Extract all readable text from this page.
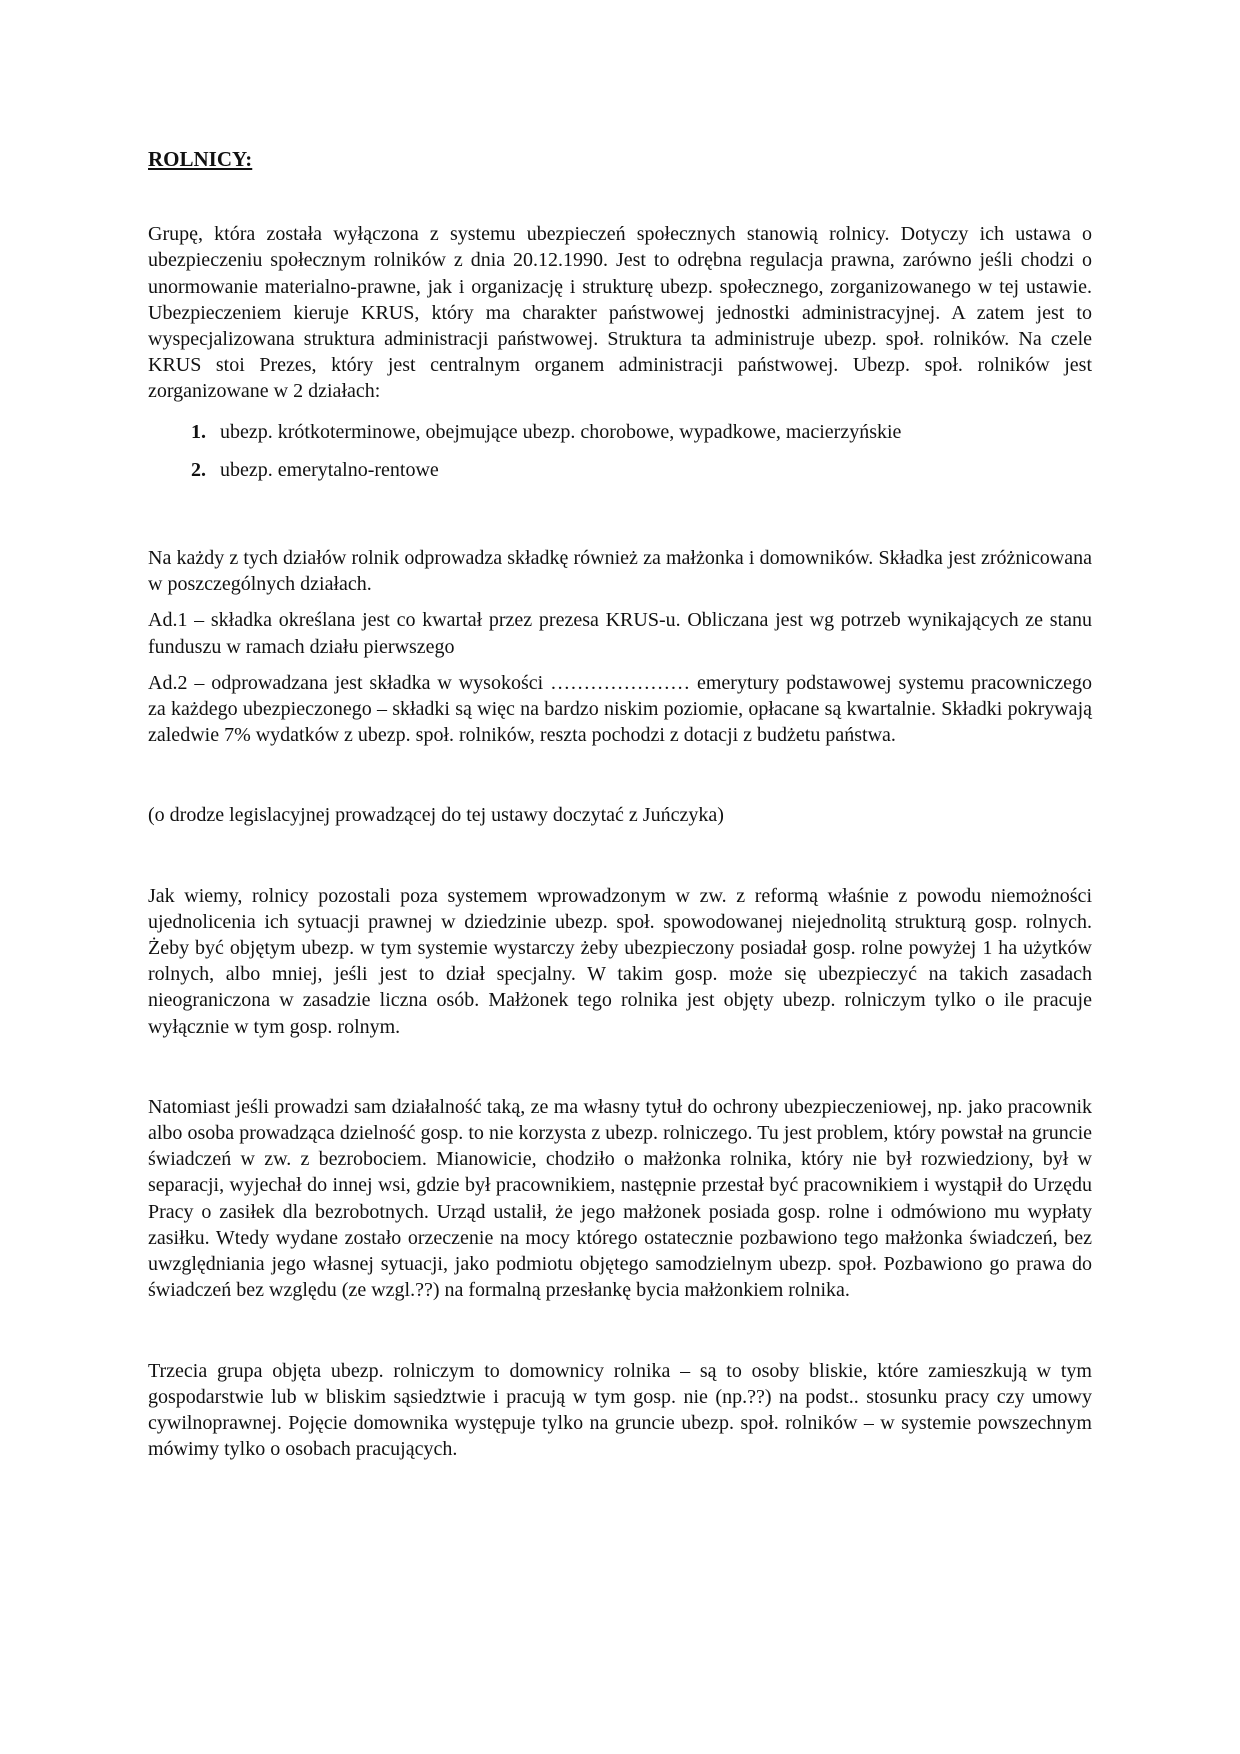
ROLNICY:

Grupę, która została wyłączona z systemu ubezpieczeń społecznych stanowią rolnicy. Dotyczy ich ustawa o ubezpieczeniu społecznym rolników z dnia 20.12.1990. Jest to odrębna regulacja prawna, zarówno jeśli chodzi o unormowanie materialno-prawne, jak i organizację i strukturę ubezp. społecznego, zorganizowanego w tej ustawie. Ubezpieczeniem kieruje KRUS, który ma charakter państwowej jednostki administracyjnej. A zatem jest to wyspecjalizowana struktura administracji państwowej. Struktura ta administruje ubezp. społ. rolników. Na czele KRUS stoi Prezes, który jest centralnym organem administracji państwowej. Ubezp. społ. rolników jest zorganizowane w 2 działach:

1. ubezp. krótkoterminowe, obejmujące ubezp. chorobowe, wypadkowe, macierzyńskie
2. ubezp. emerytalno-rentowe

Na każdy z tych działów rolnik odprowadza składkę również za małżonka i domowników. Składka jest zróżnicowana w poszczególnych działach.

Ad.1 – składka określana jest co kwartał przez prezesa KRUS-u. Obliczana jest wg potrzeb wynikających ze stanu funduszu w ramach działu pierwszego

Ad.2 – odprowadzana jest składka w wysokości ………………… emerytury podstawowej systemu pracowniczego za każdego ubezpieczonego – składki są więc na bardzo niskim poziomie, opłacane są kwartalnie. Składki pokrywają zaledwie 7% wydatków z ubezp. społ. rolników, reszta pochodzi z dotacji z budżetu państwa.

(o drodze legislacyjnej prowadzącej do tej ustawy doczytać z Juńczyka)

Jak wiemy, rolnicy pozostali poza systemem wprowadzonym w zw. z reformą właśnie z powodu niemożności ujednolicenia ich sytuacji prawnej w dziedzinie ubezp. społ. spowodowanej niejednolitą strukturą gosp. rolnych. Żeby być objętym ubezp. w tym systemie wystarczy żeby ubezpieczony posiadał gosp. rolne powyżej 1 ha użytków rolnych, albo mniej, jeśli jest to dział specjalny. W takim gosp. może się ubezpieczyć na takich zasadach nieograniczona w zasadzie liczna osób. Małżonek tego rolnika jest objęty ubezp. rolniczym tylko o ile pracuje wyłącznie w tym gosp. rolnym.

Natomiast jeśli prowadzi sam działalność taką, ze ma własny tytuł do ochrony ubezpieczeniowej, np. jako pracownik albo osoba prowadząca dzielność gosp. to nie korzysta z ubezp. rolniczego. Tu jest problem, który powstał na gruncie świadczeń w zw. z bezrobociem. Mianowicie, chodziło o małżonka rolnika, który nie był rozwiedziony, był w separacji, wyjechał do innej wsi, gdzie był pracownikiem, następnie przestał być pracownikiem i wystąpił do Urzędu Pracy o zasiłek dla bezrobotnych. Urząd ustalił, że jego małżonek posiada gosp. rolne i odmówiono mu wypłaty zasiłku. Wtedy wydane zostało orzeczenie na mocy którego ostatecznie pozbawiono tego małżonka świadczeń, bez uwzględniania jego własnej sytuacji, jako podmiotu objętego samodzielnym ubezp. społ. Pozbawiono go prawa do świadczeń bez względu (ze wzgl.??) na formalną przesłankę bycia małżonkiem rolnika.

Trzecia grupa objęta ubezp. rolniczym to domownicy rolnika – są to osoby bliskie, które zamieszkują w tym gospodarstwie lub w bliskim sąsiedztwie i pracują w tym gosp. nie (np.??) na podst.. stosunku pracy czy umowy cywilnoprawnej. Pojęcie domownika występuje tylko na gruncie ubezp. społ. rolników – w systemie powszechnym mówimy tylko o osobach pracujących.
